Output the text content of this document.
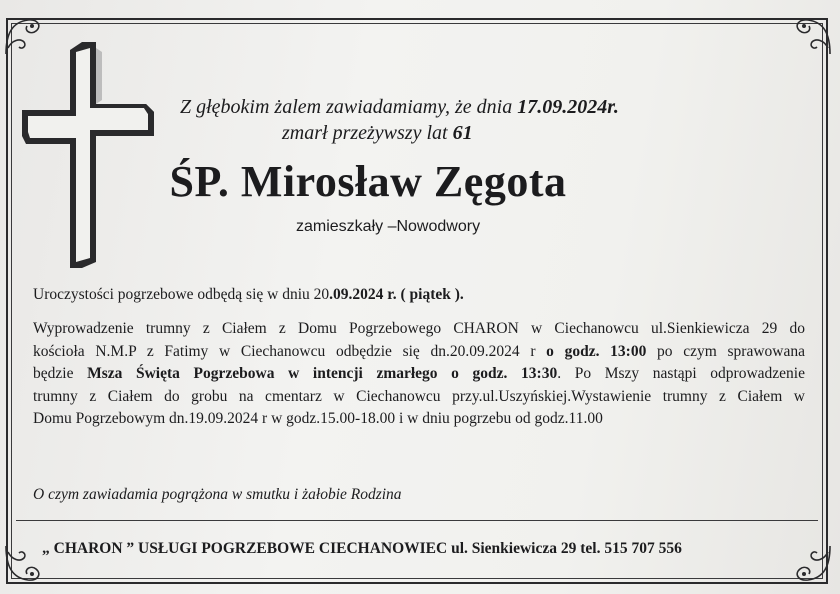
Z głębokim żalem zawiadamiamy, że dnia 17.09.2024r.
zmarł przeżywszy lat 61
ŚP. Mirosław Zęgota
zamieszkały –Nowodwory
Uroczystości pogrzebowe odbędą się w dniu 20.09.2024 r. ( piątek ).
Wyprowadzenie trumny z Ciałem z Domu Pogrzebowego CHARON w Ciechanowcu ul.Sienkiewicza 29 do
kościoła N.M.P z Fatimy w Ciechanowcu odbędzie się dn.20.09.2024 r o godz. 13:00 po czym sprawowana
będzie Msza Święta Pogrzebowa w intencji zmarłego o godz. 13:30. Po Mszy nastąpi odprowadzenie
trumny z Ciałem do grobu na cmentarz w Ciechanowcu przy.ul.Uszyńskiej.Wystawienie trumny z Ciałem w
Domu Pogrzebowym dn.19.09.2024 r w godz.15.00-18.00 i w dniu pogrzebu od godz.11.00
O czym zawiadamia pogrążona w smutku i żałobie Rodzina
„ CHARON ” USŁUGI POGRZEBOWE CIECHANOWIEC ul. Sienkiewicza 29 tel. 515 707 556
